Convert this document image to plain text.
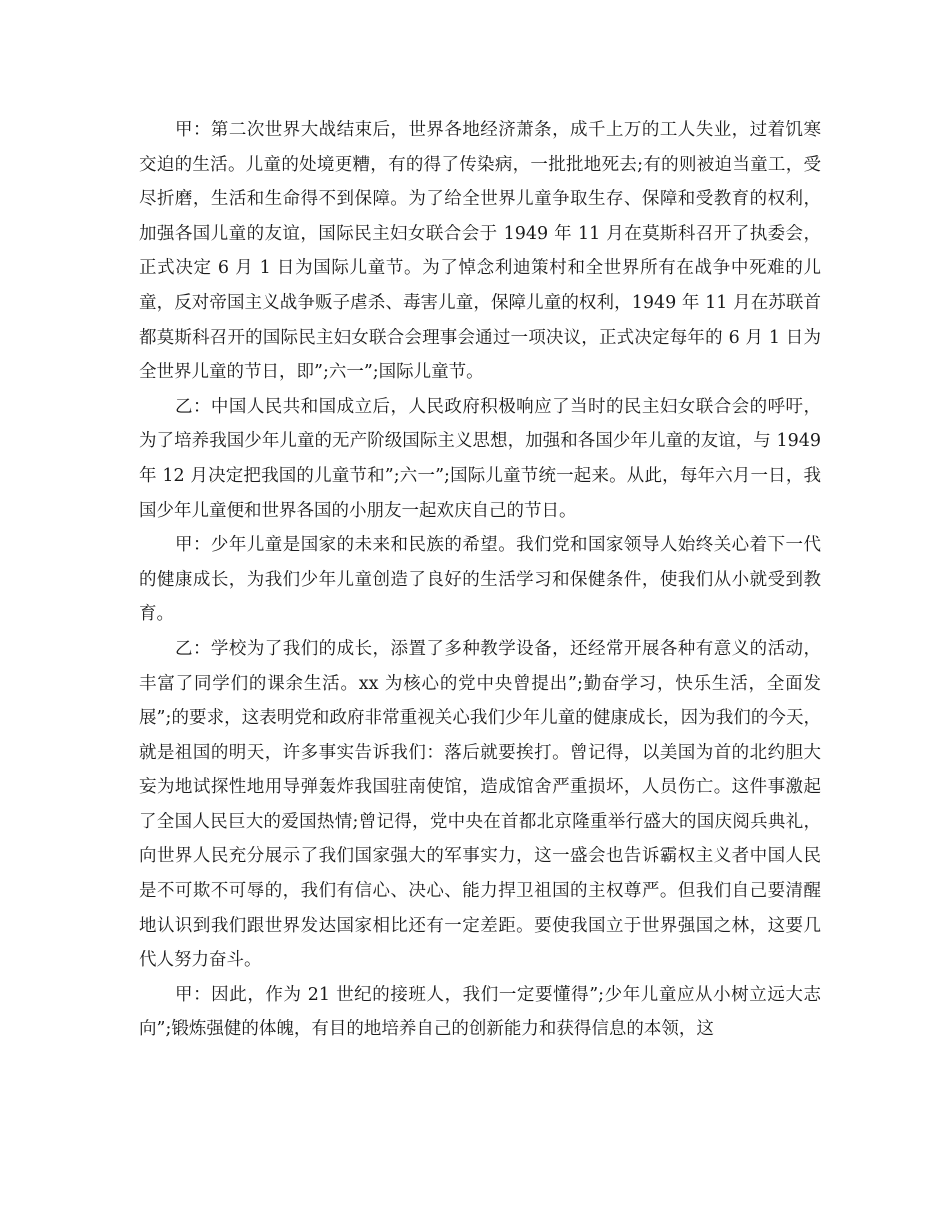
甲：第二次世界大战结束后，世界各地经济萧条，成千上万的工人失业，过着饥寒交迫的生活。儿童的处境更糟，有的得了传染病，一批批地死去;有的则被迫当童工，受尽折磨，生活和生命得不到保障。为了给全世界儿童争取生存、保障和受教育的权利，加强各国儿童的友谊，国际民主妇女联合会于 1949 年 11 月在莫斯科召开了执委会，正式决定 6 月 1 日为国际儿童节。为了悼念利迪策村和全世界所有在战争中死难的儿童，反对帝国主义战争贩子虐杀、毒害儿童，保障儿童的权利，1949 年 11 月在苏联首都莫斯科召开的国际民主妇女联合会理事会通过一项决议，正式决定每年的 6 月 1 日为全世界儿童的节日，即”;六一”;国际儿童节。

乙：中国人民共和国成立后，人民政府积极响应了当时的民主妇女联合会的呼吁，为了培养我国少年儿童的无产阶级国际主义思想，加强和各国少年儿童的友谊，与 1949 年 12 月决定把我国的儿童节和”;六一”;国际儿童节统一起来。从此，每年六月一日，我国少年儿童便和世界各国的小朋友一起欢庆自己的节日。

甲：少年儿童是国家的未来和民族的希望。我们党和国家领导人始终关心着下一代的健康成长，为我们少年儿童创造了良好的生活学习和保健条件，使我们从小就受到教育。

乙：学校为了我们的成长，添置了多种教学设备，还经常开展各种有意义的活动，丰富了同学们的课余生活。xx 为核心的党中央曾提出”;勤奋学习，快乐生活，全面发展”;的要求，这表明党和政府非常重视关心我们少年儿童的健康成长，因为我们的今天，就是祖国的明天，许多事实告诉我们：落后就要挨打。曾记得，以美国为首的北约胆大妄为地试探性地用导弹轰炸我国驻南使馆，造成馆舍严重损坏，人员伤亡。这件事激起了全国人民巨大的爱国热情;曾记得，党中央在首都北京隆重举行盛大的国庆阅兵典礼，向世界人民充分展示了我们国家强大的军事实力，这一盛会也告诉霸权主义者中国人民是不可欺不可辱的，我们有信心、决心、能力捍卫祖国的主权尊严。但我们自己要清醒地认识到我们跟世界发达国家相比还有一定差距。要使我国立于世界强国之林，这要几代人努力奋斗。

甲：因此，作为 21 世纪的接班人，我们一定要懂得”;少年儿童应从小树立远大志向”;锻炼强健的体魄，有目的地培养自己的创新能力和获得信息的本领，这
